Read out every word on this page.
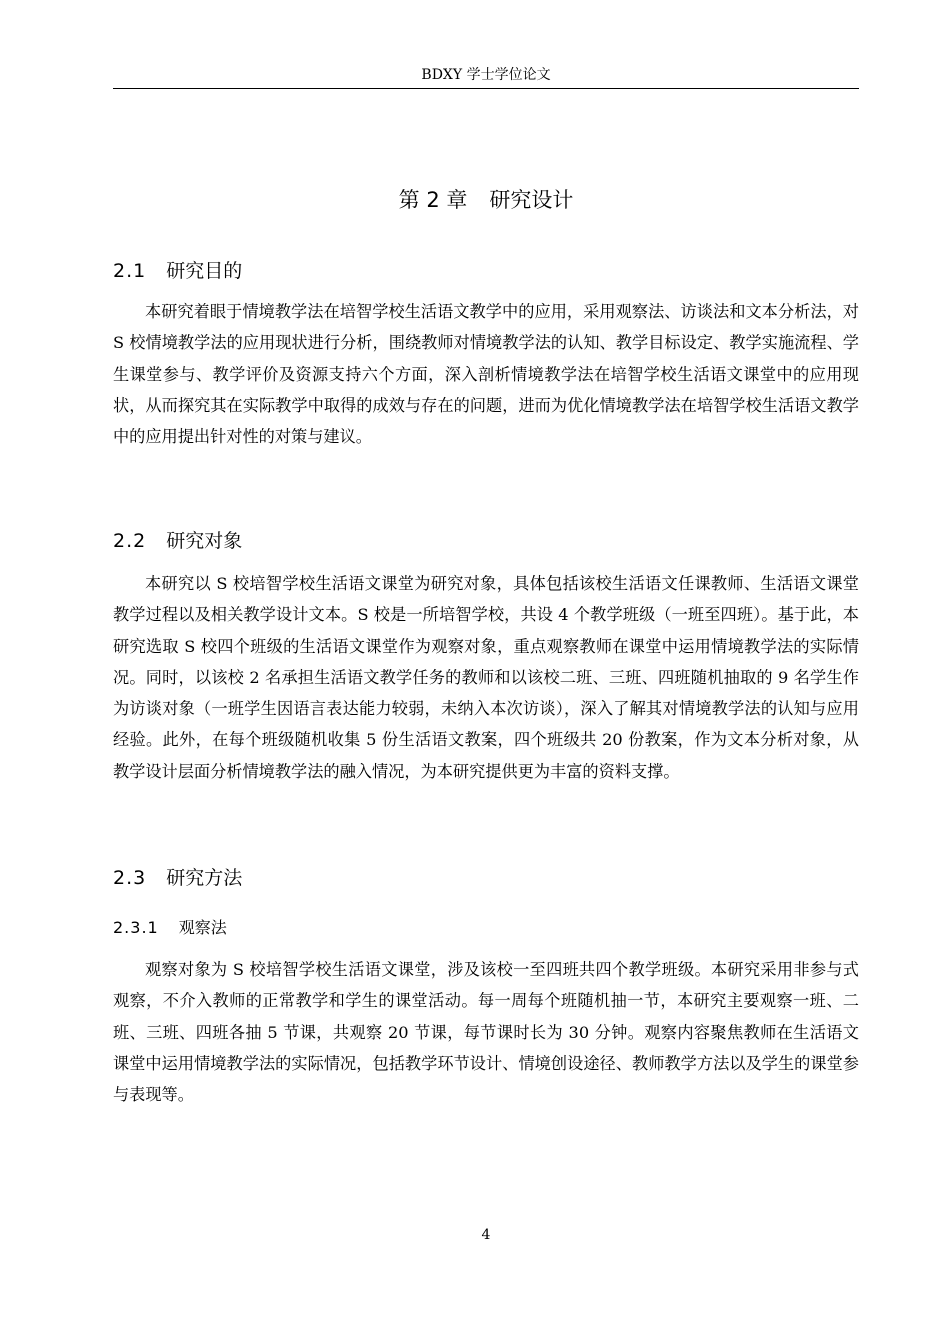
BDXY 学士学位论文
第 2 章 研究设计
2.1 研究目的

本研究着眼于情境教学法在培智学校生活语文教学中的应用，采用观察法、访谈法和文本分析法，对 S 校情境教学法的应用现状进行分析，围绕教师对情境教学法的认知、教学目标设定、教学实施流程、学生课堂参与、教学评价及资源支持六个方面，深入剖析情境教学法在培智学校生活语文课堂中的应用现状，从而探究其在实际教学中取得的成效与存在的问题，进而为优化情境教学法在培智学校生活语文教学中的应用提出针对性的对策与建议。

2.2 研究对象

本研究以 S 校培智学校生活语文课堂为研究对象，具体包括该校生活语文任课教师、生活语文课堂教学过程以及相关教学设计文本。S 校是一所培智学校，共设 4 个教学班级（一班至四班）。基于此，本研究选取 S 校四个班级的生活语文课堂作为观察对象，重点观察教师在课堂中运用情境教学法的实际情况。同时，以该校 2 名承担生活语文教学任务的教师和以该校二班、三班、四班随机抽取的 9 名学生作为访谈对象（一班学生因语言表达能力较弱，未纳入本次访谈），深入了解其对情境教学法的认知与应用经验。此外，在每个班级随机收集 5 份生活语文教案，四个班级共 20 份教案，作为文本分析对象，从教学设计层面分析情境教学法的融入情况，为本研究提供更为丰富的资料支撑。

2.3 研究方法
2.3.1 观察法

观察对象为 S 校培智学校生活语文课堂，涉及该校一至四班共四个教学班级。本研究采用非参与式观察，不介入教师的正常教学和学生的课堂活动。每一周每个班随机抽一节，本研究主要观察一班、二班、三班、四班各抽 5 节课，共观察 20 节课，每节课时长为 30 分钟。观察内容聚焦教师在生活语文课堂中运用情境教学法的实际情况，包括教学环节设计、情境创设途径、教师教学方法以及学生的课堂参与表现等。

4
